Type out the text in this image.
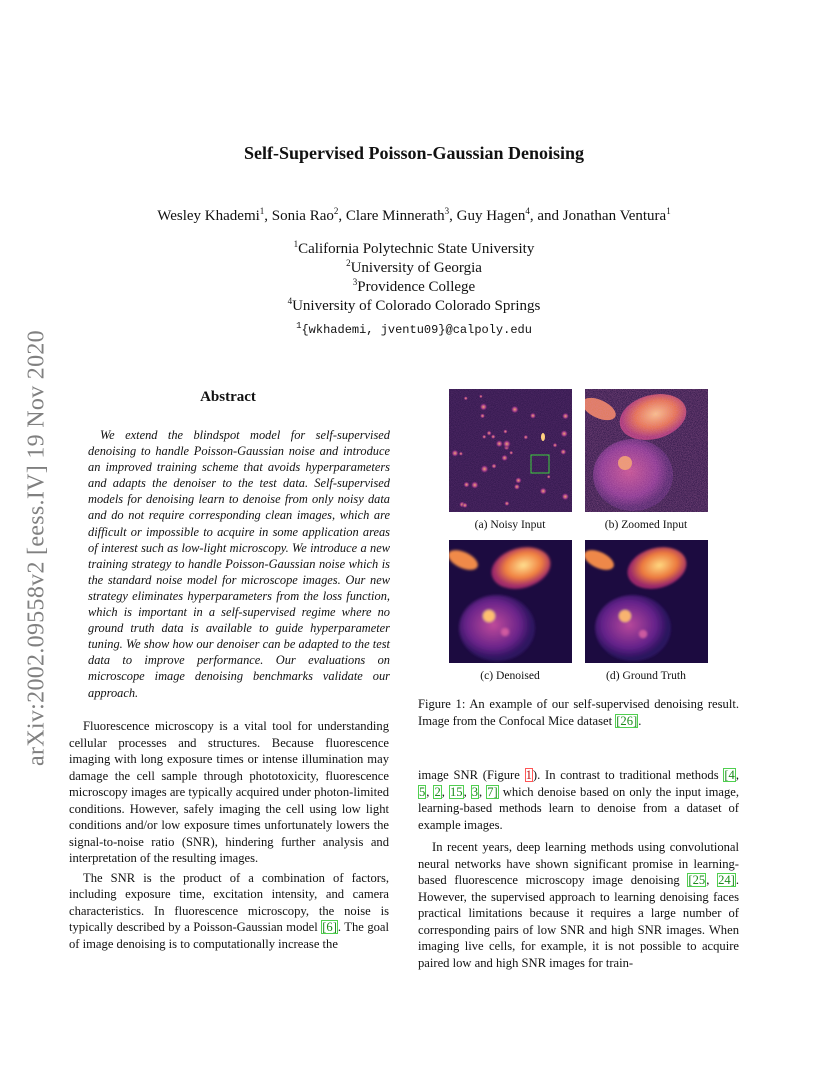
arXiv:2002.09558v2 [eess.IV] 19 Nov 2020
Self-Supervised Poisson-Gaussian Denoising
Wesley Khademi$^1$, Sonia Rao$^2$, Clare Minnerath$^3$, Guy Hagen$^4$, and Jonathan Ventura$^1$
$^1$California Polytechnic State University
$^2$University of Georgia
$^3$Providence College
$^4$University of Colorado Colorado Springs
$^1${wkhademi, jventu09}@calpoly.edu
Abstract

We extend the blindspot model for self-supervised denoising to handle Poisson-Gaussian noise and introduce an improved training scheme that avoids hyperparameters and adapts the denoiser to the test data. Self-supervised models for denoising learn to denoise from only noisy data and do not require corresponding clean images, which are difficult or impossible to acquire in some application areas of interest such as low-light microscopy. We introduce a new training strategy to handle Poisson-Gaussian noise which is the standard noise model for microscope images. Our new strategy eliminates hyperparameters from the loss function, which is important in a self-supervised regime where no ground truth data is available to guide hyperparameter tuning. We show how our denoiser can be adapted to the test data to improve performance. Our evaluations on microscope image denoising benchmarks validate our approach.

Fluorescence microscopy is a vital tool for understanding cellular processes and structures. Because fluorescence imaging with long exposure times or intense illumination may damage the cell sample through phototoxicity, fluorescence microscopy images are typically acquired under photon-limited conditions. However, safely imaging the cell using low light conditions and/or low exposure times unfortunately lowers the signal-to-noise ratio (SNR), hindering further analysis and interpretation of the resulting images.

The SNR is the product of a combination of factors, including exposure time, excitation intensity, and camera characteristics. In fluorescence microscopy, the noise is typically described by a Poisson-Gaussian model [6]. The goal of image denoising is to computationally increase the

(a) Noisy Input	(b) Zoomed Input
(c) Denoised	(d) Ground Truth

Figure 1: An example of our self-supervised denoising result. Image from the Confocal Mice dataset [26].

image SNR (Figure 1). In contrast to traditional methods [4, 5, 2, 15, 3, 7] which denoise based on only the input image, learning-based methods learn to denoise from a dataset of example images.

In recent years, deep learning methods using convolutional neural networks have shown significant promise in learning-based fluorescence microscopy image denoising [25, 24]. However, the supervised approach to learning denoising faces practical limitations because it requires a large number of corresponding pairs of low SNR and high SNR images. When imaging live cells, for example, it is not possible to acquire paired low and high SNR images for train-
